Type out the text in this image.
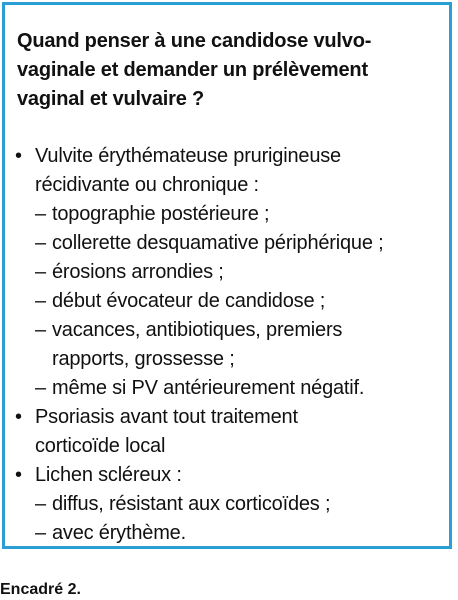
Quand penser à une candidose vulvo-
vaginale et demander un prélèvement
vaginal et vulvaire ?

• Vulvite érythémateuse prurigineuse
récidivante ou chronique :
– topographie postérieure ;
– collerette desquamative périphérique ;
– érosions arrondies ;
– début évocateur de candidose ;
– vacances, antibiotiques, premiers
rapports, grossesse ;
– même si PV antérieurement négatif.
• Psoriasis avant tout traitement
corticoïde local
• Lichen scléreux :
– diffus, résistant aux corticoïdes ;
– avec érythème.

Encadré 2.
